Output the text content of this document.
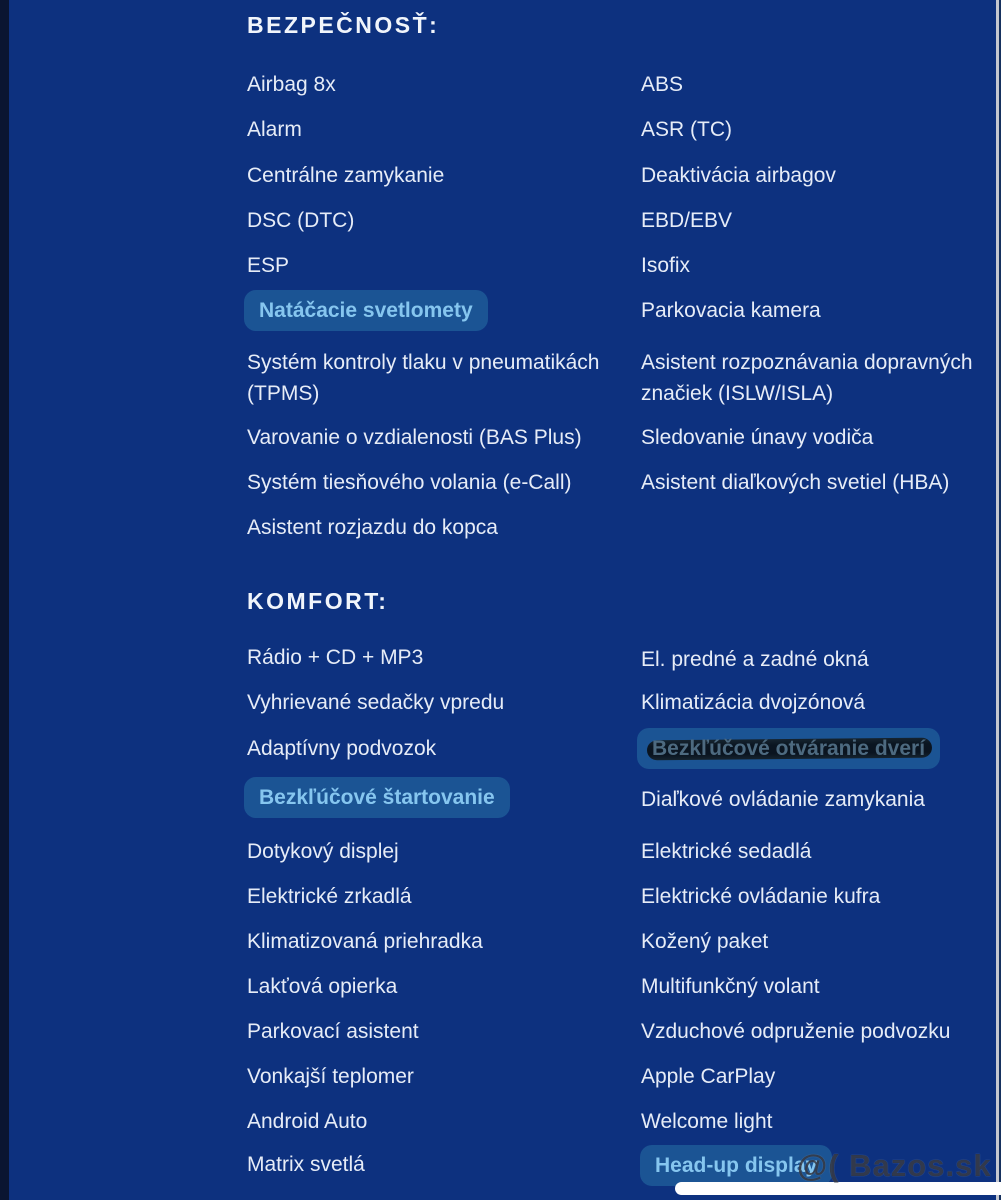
BEZPEČNOSŤ:
Airbag 8x
Alarm
Centrálne zamykanie
DSC (DTC)
ESP
Natáčacie svetlomety
Systém kontroly tlaku v pneumatikách (TPMS)
Varovanie o vzdialenosti (BAS Plus)
Systém tiesňového volania (e-Call)
Asistent rozjazdu do kopca
ABS
ASR (TC)
Deaktivácia airbagov
EBD/EBV
Isofix
Parkovacia kamera
Asistent rozpoznávania dopravných značiek (ISLW/ISLA)
Sledovanie únavy vodiča
Asistent diaľkových svetiel (HBA)
KOMFORT:
Rádio + CD + MP3
Vyhrievané sedačky vpredu
Adaptívny podvozok
Bezkľúčové štartovanie
Dotykový displej
Elektrické zrkadlá
Klimatizovaná priehradka
Lakťová opierka
Parkovací asistent
Vonkajší teplomer
Android Auto
Matrix svetlá
El. predné a zadné okná
Klimatizácia dvojzónová
Bezkľúčové otváranie dverí
Diaľkové ovládanie zamykania
Elektrické sedadlá
Elektrické ovládanie kufra
Kožený paket
Multifunkčný volant
Vzduchové odpruženie podvozku
Apple CarPlay
Welcome light
Head-up display
@( Bazos.sk
